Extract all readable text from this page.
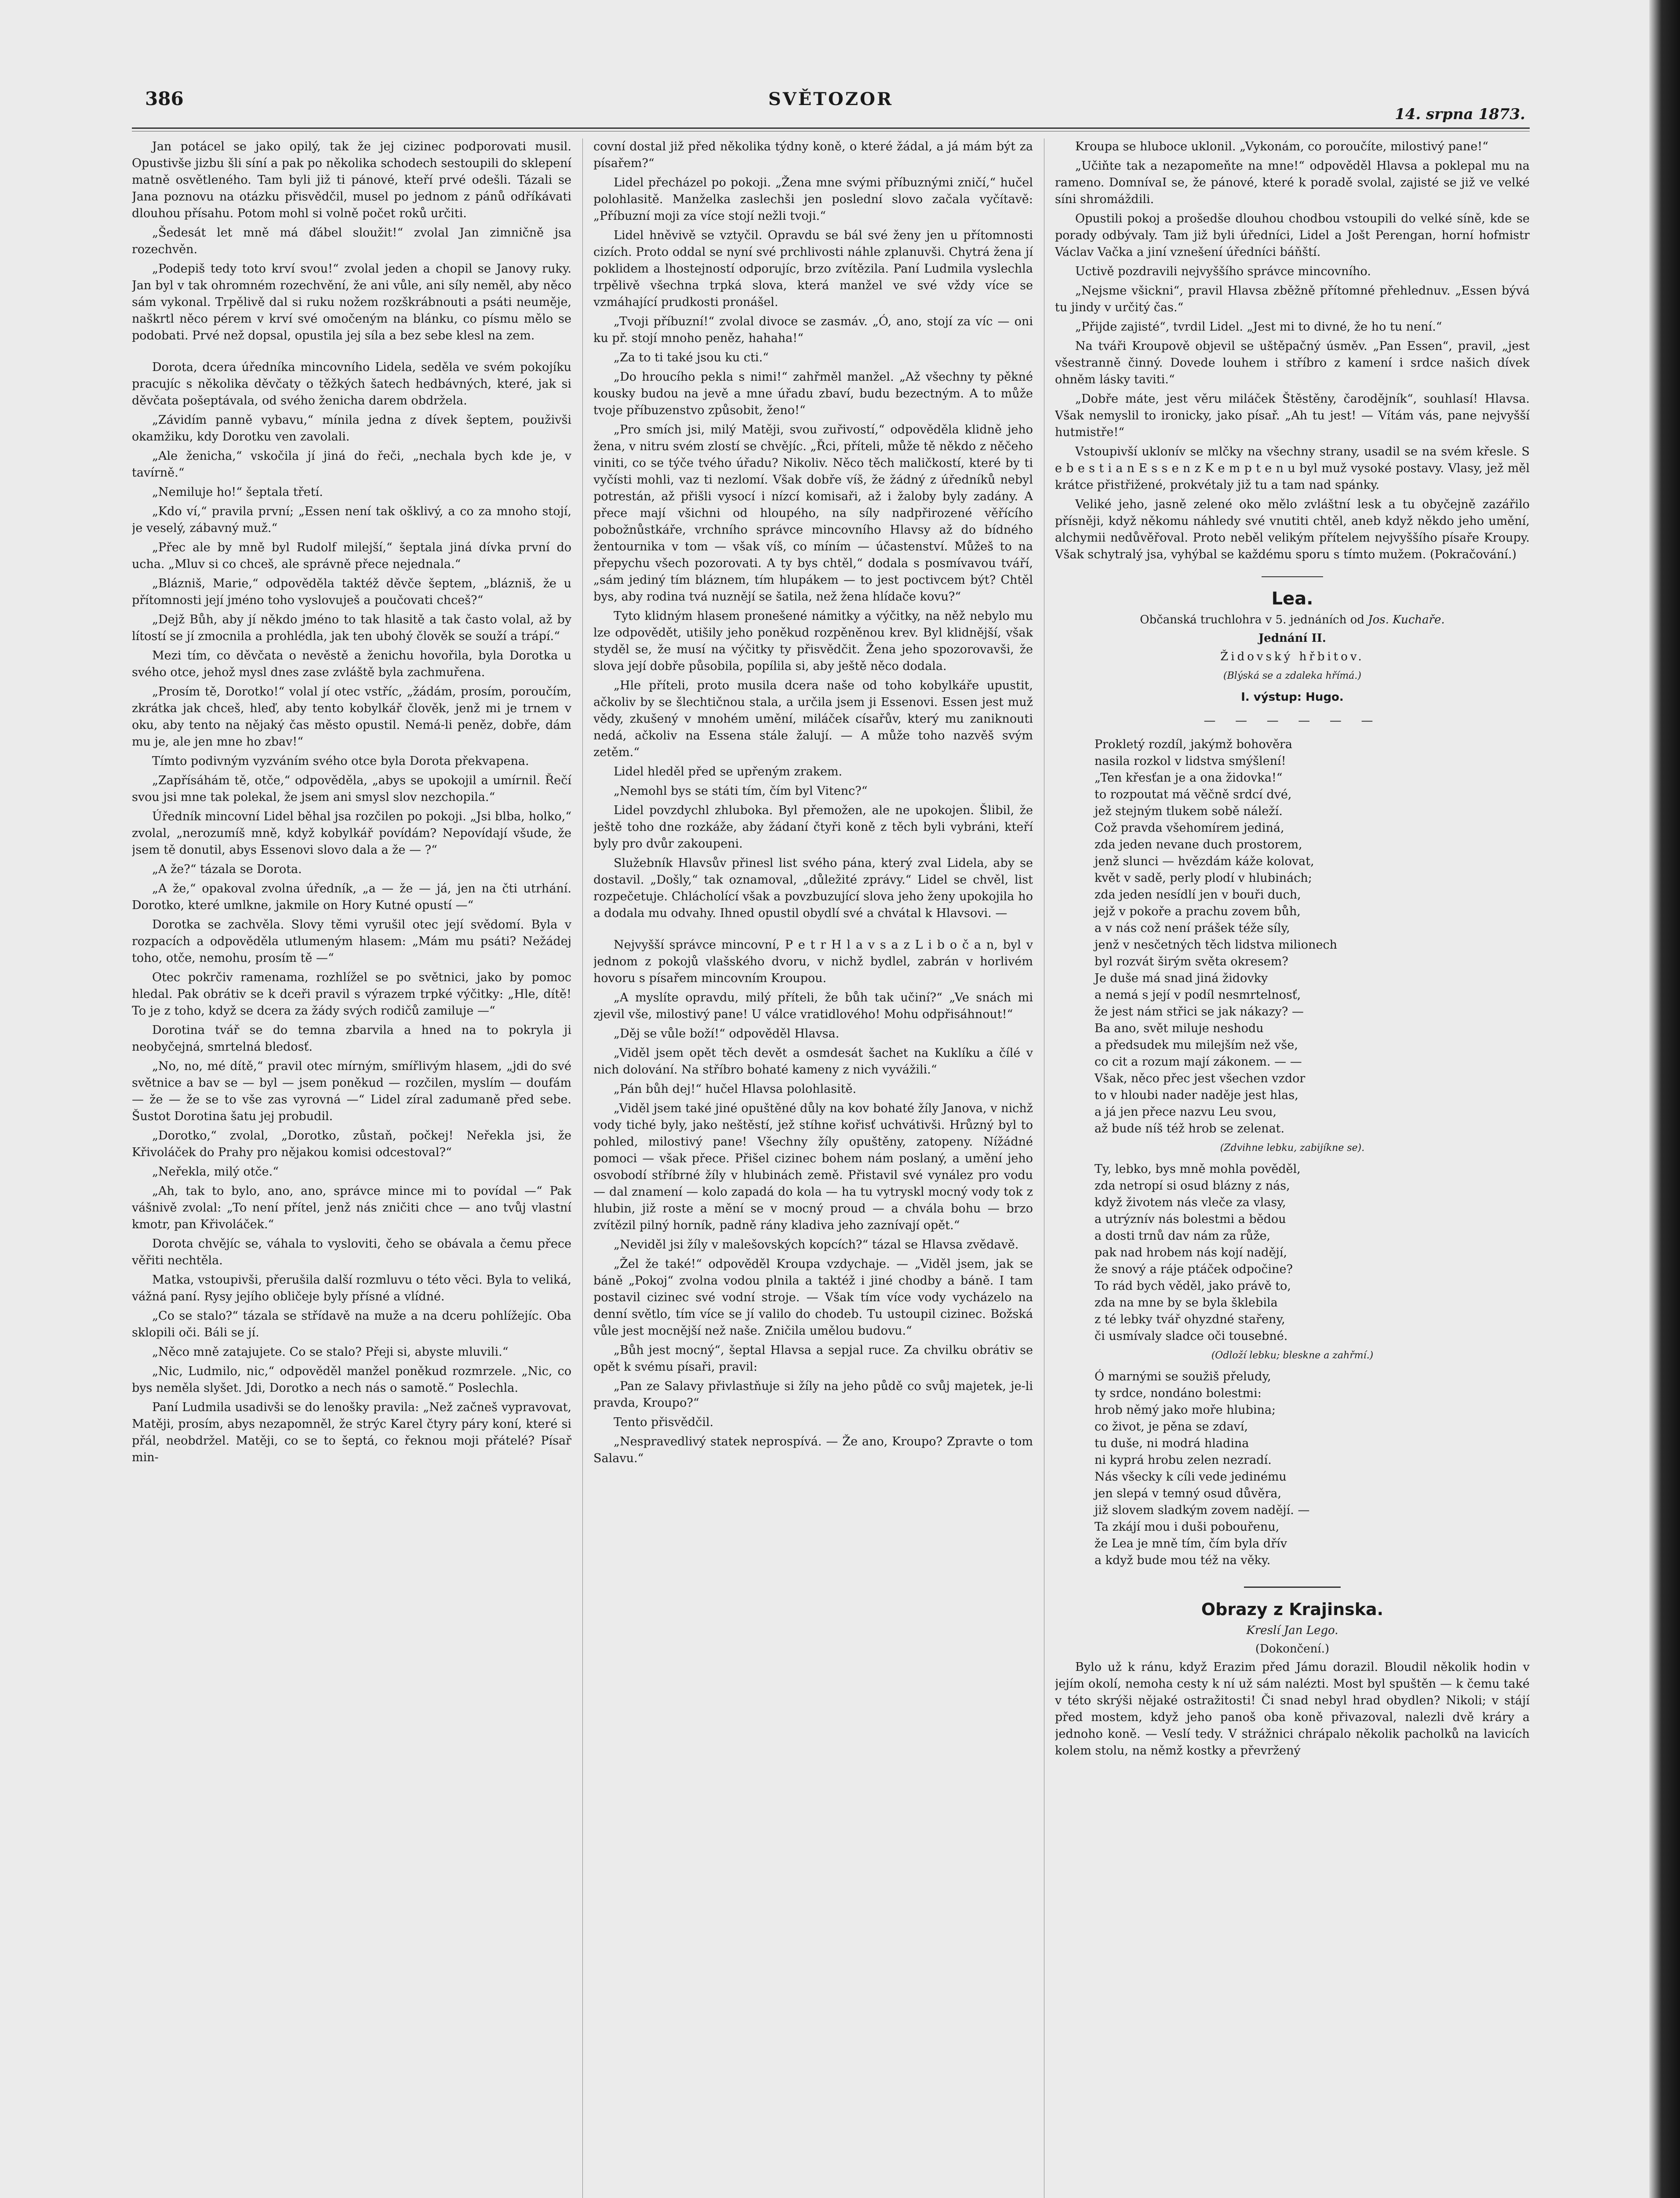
386	SVĚTOZOR
14. srpna 1873.

Jan potácel se jako opilý, tak že jej cizinec podporovati musil. Opustivše jizbu šli síní a pak po několika schodech sestoupili do sklepení matně osvětleného. Tam byli již ti pánové, kteří prvé odešli. Tázali se Jana poznovu na otázku přisvědčil, musel po jednom z pánů odříkávati dlouhou přísahu. Potom mohl si volně počet roků určiti.

„Šedesát let mně má ďábel sloužit!“ zvolal Jan zimničně jsa rozechvěn.

„Podepiš tedy toto krví svou!“ zvolal jeden a chopil se Janovy ruky. Jan byl v tak ohromném rozechvění, že ani vůle, ani síly neměl, aby něco sám vykonal. Trpělivě dal si ruku nožem rozškrábnouti a psáti neuměje, naškrtl něco pérem v krví své omočeným na blánku, co písmu mělo se podobati. Prvé než dopsal, opustila jej síla a bez sebe klesl na zem.

Dorota, dcera úředníka mincovního Lidela, seděla ve svém pokojíku pracujíc s několika děvčaty o těžkých šatech hedbávných, které, jak si děvčata pošeptávala, od svého ženicha darem obdržela.

„Závidím panně vybavu,“ mínila jedna z dívek šeptem, použivši okamžiku, kdy Dorotku ven zavolali.

„Ale ženicha,“ vskočila jí jiná do řeči, „nechala bych kde je, v tavírně.“

„Nemiluje ho!“ šeptala třetí.

„Kdo ví,“ pravila první; „Essen není tak ošklivý, a co za mnoho stojí, je veselý, zábavný muž.“

„Přec ale by mně byl Rudolf milejší,“ šeptala jiná dívka první do ucha. „Mluv si co chceš, ale správně přece nejednala.“

„Blázniš, Marie,“ odpověděla taktéž děvče šeptem, „blázniš, že u přítomnosti její jméno toho vyslovuješ a poučovati chceš?“

„Dejž Bůh, aby jí někdo jméno to tak hlasitě a tak často volal, až by lítostí se jí zmocnila a prohlédla, jak ten ubohý člověk se souží a trápí.“

Mezi tím, co děvčata o nevěstě a ženichu hovořila, byla Dorotka u svého otce, jehož mysl dnes zase zvláště byla zachmuřena.

„Prosím tě, Dorotko!“ volal jí otec vstříc, „žádám, prosím, poroučím, zkrátka jak chceš, hleď, aby tento kobylkář člověk, jenž mi je trnem v oku, aby tento na nějaký čas město opustil. Nemá-li peněz, dobře, dám mu je, ale jen mne ho zbav!“

Tímto podivným vyzváním svého otce byla Dorota překvapena.

„Zapřísáhám tě, otče,“ odpověděla, „abys se upokojil a umírnil. Řečí svou jsi mne tak polekal, že jsem ani smysl slov nezchopila.“

Úředník mincovní Lidel běhal jsa rozčilen po pokoji. „Jsi blba, holko,“ zvolal, „nerozumíš mně, když kobylkář povídám? Nepovídají všude, že jsem tě donutil, abys Essenovi slovo dala a že — ?“

„A že?“ tázala se Dorota.

„A že,“ opakoval zvolna úředník, „a — že — já, jen na čti utrhání. Dorotko, které umlkne, jakmile on Hory Kutné opustí —“

Dorotka se zachvěla. Slovy těmi vyrušil otec její svědomí. Byla v rozpacích a odpověděla utlumeným hlasem: „Mám mu psáti? Nežádej toho, otče, nemohu, prosím tě —“

Otec pokrčiv ramenama, rozhlížel se po světnici, jako by pomoc hledal. Pak obrátiv se k dceři pravil s výrazem trpké výčitky: „Hle, dítě! To je z toho, když se dcera za žády svých rodičů zamiluje —“

Dorotina tvář se do temna zbarvila a hned na to pokryla ji neobyčejná, smrtelná bledosť.

„No, no, mé dítě,“ pravil otec mírným, smířlivým hlasem, „jdi do své světnice a bav se — byl — jsem poněkud — rozčilen, myslím — doufám — že — že se to vše zas vyrovná —“ Lidel zíral zadumaně před sebe. Šustot Dorotina šatu jej probudil.

„Dorotko,“ zvolal, „Dorotko, zůstaň, počkej! Neřekla jsi, že Křivoláček do Prahy pro nějakou komisi odcestoval?“

„Neřekla, milý otče.“

„Ah, tak to bylo, ano, ano, správce mince mi to povídal —“ Pak vášnivě zvolal: „To není přítel, jenž nás zničiti chce — ano tvůj vlastní kmotr, pan Křivoláček.“

Dorota chvějíc se, váhala to vysloviti, čeho se obávala a čemu přece věřiti nechtěla.

Matka, vstoupivši, přerušila další rozmluvu o této věci. Byla to veliká, vážná paní. Rysy jejího obličeje byly přísné a vlídné.

„Co se stalo?“ tázala se střídavě na muže a na dceru pohlížejíc. Oba sklopili oči. Báli se jí.

„Něco mně zatajujete. Co se stalo? Přeji si, abyste mluvili.“

„Nic, Ludmilo, nic,“ odpověděl manžel poněkud rozmrzele. „Nic, co bys neměla slyšet. Jdi, Dorotko a nech nás o samotě.“ Poslechla.

Paní Ludmila usadivši se do lenošky pravila: „Než začneš vypravovat, Matěji, prosím, abys nezapomněl, že strýc Karel čtyry páry koní, které si přál, neobdržel. Matěji, co se to šeptá, co řeknou moji přátelé? Písař min-

covní dostal již před několika týdny koně, o které žádal, a já mám být za písařem?“

Lidel přecházel po pokoji. „Žena mne svými příbuznými zničí,“ hučel polohlasitě. Manželka zaslechši jen poslední slovo začala vyčítavě: „Příbuzní moji za více stojí nežli tvoji.“

Lidel hněvivě se vztyčil. Opravdu se bál své ženy jen u přítomnosti cizích. Proto oddal se nyní své prchlivosti náhle zplanuvši. Chytrá žena jí poklidem a lhostejností odporujíc, brzo zvítězila. Paní Ludmila vyslechla trpělivě všechna trpká slova, která manžel ve své vždy více se vzmáhající prudkosti pronášel.

„Tvoji příbuzní!“ zvolal divoce se zasmáv. „Ó, ano, stojí za víc — oni ku př. stojí mnoho peněz, hahaha!“

„Za to ti také jsou ku cti.“

„Do hroucího pekla s nimi!“ zahřměl manžel. „Až všechny ty pěkné kousky budou na jevě a mne úřadu zbaví, budu bezectným. A to může tvoje příbuzenstvo způsobit, ženo!“

„Pro smích jsi, milý Matěji, svou zuřivostí,“ odpověděla klidně jeho žena, v nitru svém zlostí se chvějíc. „Řci, příteli, může tě někdo z něčeho viniti, co se týče tvého úřadu? Nikoliv. Něco těch maličkostí, které by ti vyčísti mohli, vaz ti nezlomí. Však dobře víš, že žádný z úředníků nebyl potrestán, až přišli vysocí i nízcí komisaři, až i žaloby byly zadány. A přece mají všichni od hloupého, na síly nadpřirozené věřícího pobožnůstkáře, vrchního správce mincovního Hlavsy až do bídného žentournika v tom — však víš, co míním — účastenství. Můžeš to na přepychu všech pozorovati. A ty bys chtěl,“ dodala s posmívavou tváří, „sám jediný tím bláznem, tím hlupákem — to jest poctivcem být? Chtěl bys, aby rodina tvá nuznějí se šatila, než žena hlídače kovu?“

Tyto klidným hlasem pronešené námitky a výčitky, na něž nebylo mu lze odpovědět, utišily jeho poněkud rozpěněnou krev. Byl klidnější, však styděl se, že musí na výčitky ty přisvědčit. Žena jeho spozorovavši, že slova její dobře působila, popílila si, aby ještě něco dodala.

„Hle příteli, proto musila dcera naše od toho kobylkáře upustit, ačkoliv by se šlechtičnou stala, a určila jsem ji Essenovi. Essen jest muž vědy, zkušený v mnohém umění, miláček císařův, který mu zaniknouti nedá, ačkoliv na Essena stále žalují. — A může toho nazvěš svým zetěm.“

Lidel hleděl před se upřeným zrakem.

„Nemohl bys se státi tím, čím byl Vitenc?“

Lidel povzdychl zhluboka. Byl přemožen, ale ne upokojen. Šlibil, že ještě toho dne rozkáže, aby žádaní čtyři koně z těch byli vybráni, kteří byly pro dvůr zakoupeni.

Služebník Hlavsův přinesl list svého pána, který zval Lidela, aby se dostavil. „Došly,“ tak oznamoval, „důležité zprávy.“ Lidel se chvěl, list rozpečetuje. Chlácholící však a povzbuzující slova jeho ženy upokojila ho a dodala mu odvahy. Ihned opustil obydlí své a chvátal k Hlavsovi. —

Nejvyšší správce mincovní, P e t r H l a v s a z L i b o č a n, byl v jednom z pokojů vlašského dvoru, v nichž bydlel, zabrán v horlivém hovoru s písařem mincovním Kroupou.

„A myslíte opravdu, milý příteli, že bůh tak učiní?“ „Ve snách mi zjevil vše, milostivý pane! U válce vratidlového! Mohu odpřisáhnout!“

„Děj se vůle boží!“ odpověděl Hlavsa.

„Viděl jsem opět těch devět a osmdesát šachet na Kuklíku a čílé v nich dolování. Na stříbro bohaté kameny z nich vyvážili.“

„Pán bůh dej!“ hučel Hlavsa polohlasitě.

„Viděl jsem také jiné opuštěné důly na kov bohaté žíly Janova, v nichž vody tiché byly, jako neštěstí, jež stíhne kořisť uchvátivši. Hrůzný byl to pohled, milostivý pane! Všechny žíly opuštěny, zatopeny. Nížádné pomoci — však přece. Přišel cizinec bohem nám poslaný, a umění jeho osvobodí stříbrné žíly v hlubinách země. Přistavil své vynález pro vodu — dal znamení — kolo zapadá do kola — ha tu vytryskl mocný vody tok z hlubin, již roste a mění se v mocný proud — a chvála bohu — brzo zvítězil pilný horník, padně rány kladiva jeho zaznívají opět.“

„Neviděl jsi žíly v malešovských kopcích?“ tázal se Hlavsa zvědavě.

„Žel že také!“ odpověděl Kroupa vzdychaje. — „Viděl jsem, jak se báně „Pokoj“ zvolna vodou plnila a taktéž i jiné chodby a báně. I tam postavil cizinec své vodní stroje. — Však tím více vody vycházelo na denní světlo, tím více se jí valilo do chodeb. Tu ustoupil cizinec. Božská vůle jest mocnější než naše. Zničila umělou budovu.“

„Bůh jest mocný“, šeptal Hlavsa a sepjal ruce. Za chvilku obrátiv se opět k svému písaři, pravil:

„Pan ze Salavy přivlastňuje si žíly na jeho půdě co svůj majetek, je-li pravda, Kroupo?“

Tento přisvědčil.

„Nespravedlivý statek neprospívá. — Že ano, Kroupo? Zpravte o tom Salavu.“

Kroupa se hluboce uklonil. „Vykonám, co poroučíte, milostivý pane!“

„Učiňte tak a nezapomeňte na mne!“ odpověděl Hlavsa a poklepal mu na rameno. DomnívaI se, že pánové, které k poradě svolal, zajisté se již ve velké síni shromáždili.

Opustili pokoj a prošedše dlouhou chodbou vstoupili do velké síně, kde se porady odbývaly. Tam již byli úředníci, Lidel a Jošt Perengan, horní hofmistr Václav Vačka a jiní vznešení úředníci báňští.

Uctivě pozdravili nejvyššího správce mincovního.

„Nejsme všickni“, pravil Hlavsa zběžně přítomné přehlednuv. „Essen bývá tu jindy v určitý čas.“

„Přijde zajisté“, tvrdil Lidel. „Jest mi to divné, že ho tu není.“

Na tváři Kroupově objevil se uštěpačný úsměv. „Pan Essen“, pravil, „jest všestranně činný. Dovede louhem i stříbro z kamení i srdce našich dívek ohněm lásky taviti.“

„Dobře máte, jest věru miláček Štěstěny, čarodějník“, souhlasí! Hlavsa. Však nemyslil to ironicky, jako písař. „Ah tu jest! — Vítám vás, pane nejvyšší hutmistře!“

Vstoupivší uklonív se mlčky na všechny strany, usadil se na svém křesle. S e b e s t i a n E s s e n z K e m p t e n u byl muž vysoké postavy. Vlasy, jež měl krátce přistřižené, prokvétaly již tu a tam nad spánky.

Veliké jeho, jasně zelené oko mělo zvláštní lesk a tu obyčejně zazářilo přísněji, když někomu náhledy své vnutiti chtěl, aneb když někdo jeho umění, alchymii nedůvěřoval. Proto neběl velikým přítelem nejvyššího písaře Kroupy. Však schytralý jsa, vyhýbal se každému sporu s tímto mužem. (Pokračování.)

Lea.
Občanská truchlohra v 5. jednáních od Jos. Kuchaře.
Jednání II.
Židovský hřbitov.
(Blýská se a zdaleka hřímá.)
I. výstup: Hugo.
— — — — — —
Prokletý rozdíl, jakýmž bohověra
nasila rozkol v lidstva smýšlení!
„Ten křesťan je a ona židovka!“
to rozpoutat má věčně srdcí dvé,
jež stejným tlukem sobě náleží.
Což pravda všehomírem jediná,
zda jeden nevane duch prostorem,
jenž slunci — hvězdám káže kolovat,
květ v sadě, perly plodí v hlubinách;
zda jeden nesídlí jen v bouři duch,
jejž v pokoře a prachu zovem bůh,
a v nás což není prášek téže síly,
jenž v nesčetných těch lidstva milionech
byl rozvát širým světa okresem?
Je duše má snad jiná židovky
a nemá s její v podíl nesmrtelnosť,
že jest nám střici se jak nákazy? —
Ba ano, svět miluje neshodu
a předsudek mu milejším než vše,
co cit a rozum mají zákonem. — —
Však, něco přec jest všechen vzdor
to v hloubi nader naděje jest hlas,
a já jen přece nazvu Leu svou,
až bude níš též hrob se zelenat.
(Zdvihne lebku, zabijíkne se).
Ty, lebko, bys mně mohla pověděl,
zda netropí si osud blázny z nás,
když životem nás vleče za vlasy,
a utrýznív nás bolestmi a bědou
a dosti trnů dav nám za růže,
pak nad hrobem nás kojí nadějí,
že snový a ráje ptáček odpočine?
To rád bych věděl, jako právě to,
zda na mne by se byla šklebila
z té lebky tvář ohyzdné stařeny,
či usmívaly sladce oči tousebné.
(Odloží lebku; bleskne a zahřmí.)
Ó marnými se soužiš přeludy,
ty srdce, nondáno bolestmi:
hrob němý jako moře hlubina;
co život, je pěna se zdaví,
tu duše, ni modrá hladina
ni kyprá hrobu zelen nezradí.
Nás všecky k cíli vede jedinému
jen slepá v temný osud důvěra,
již slovem sladkým zovem nadějí. —
Ta zkájí mou i duši pobouřenu,
že Lea je mně tím, čím byla dřív
a když bude mou též na věky.
Obrazy z Krajinska.
Kreslí Jan Lego.
(Dokončení.)

Bylo už k ránu, když Erazim před Jámu dorazil. Bloudil několik hodin v jejím okolí, nemoha cesty k ní už sám nalézti. Most byl spuštěn — k čemu také v této skrýši nějaké ostražitosti! Či snad nebyl hrad obydlen? Nikoli; v stájí před mostem, když jeho panoš oba koně přivazoval, nalezli dvě kráry a jednoho koně. — Veslí tedy. V strážnici chrápalo několik pacholků na lavicích kolem stolu, na němž kostky a převržený
